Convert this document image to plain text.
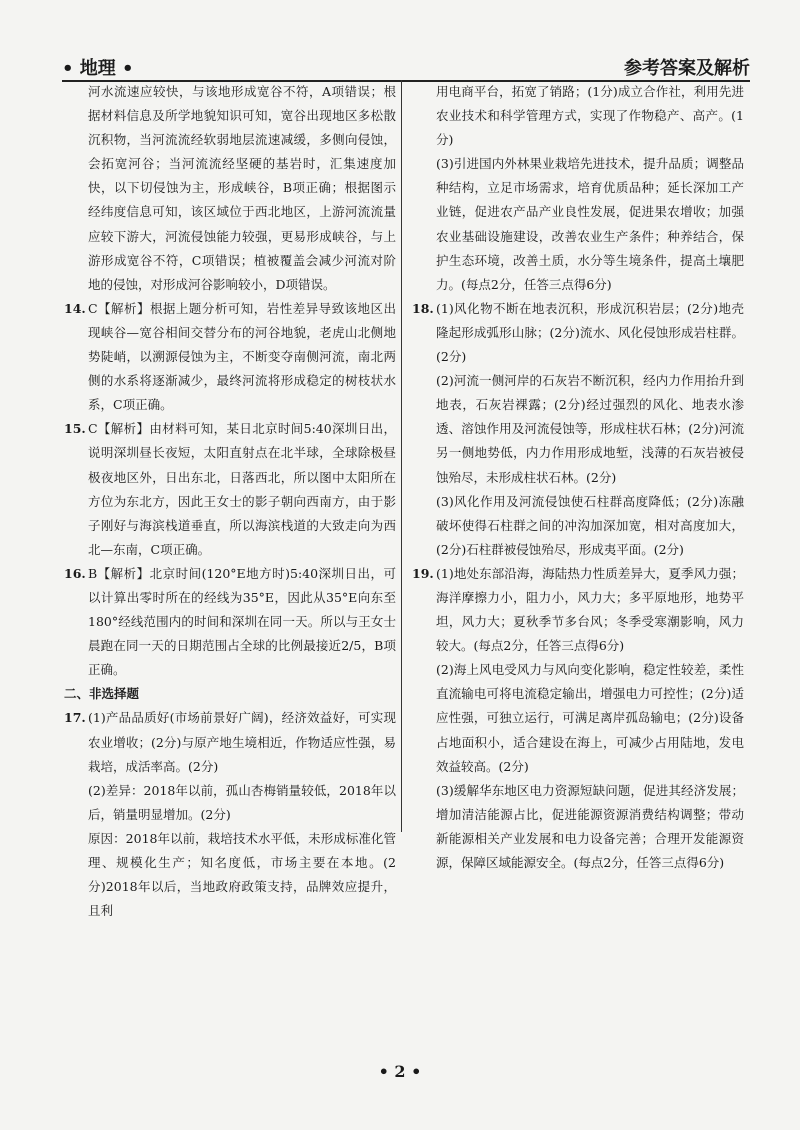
• 地理 •	参考答案及解析
河水流速应较快，与该地形成宽谷不符，A项错误；根据材料信息及所学地貌知识可知，宽谷出现地区多松散沉积物，当河流流经软弱地层流速减缓，多侧向侵蚀，会拓宽河谷；当河流流经坚硬的基岩时，汇集速度加快，以下切侵蚀为主，形成峡谷，B项正确；根据图示经纬度信息可知，该区域位于西北地区，上游河流流量应较下游大，河流侵蚀能力较强，更易形成峡谷，与上游形成宽谷不符，C项错误；植被覆盖会减少河流对阶地的侵蚀，对形成河谷影响较小，D项错误。
14. C【解析】根据上题分析可知，岩性差异导致该地区出现峡谷—宽谷相间交替分布的河谷地貌，老虎山北侧地势陡峭，以溯源侵蚀为主，不断变夺南侧河流，南北两侧的水系将逐渐减少，最终河流将形成稳定的树枝状水系，C项正确。
15. C【解析】由材料可知，某日北京时间5:40深圳日出，说明深圳昼长夜短，太阳直射点在北半球，全球除极昼极夜地区外，日出东北，日落西北，所以图中太阳所在方位为东北方，因此王女士的影子朝向西南方，由于影子刚好与海滨栈道垂直，所以海滨栈道的大致走向为西北—东南，C项正确。
16. B【解析】北京时间(120°E地方时)5:40深圳日出，可以计算出零时所在的经线为35°E，因此从35°E向东至180°经线范围内的时间和深圳在同一天。所以与王女士晨跑在同一天的日期范围占全球的比例最接近2/5，B项正确。
二、非选择题
17. (1)产品品质好(市场前景好广阔)，经济效益好，可实现农业增收；(2分)与原产地生境相近，作物适应性强，易栽培，成活率高。(2分)
(2)差异：2018年以前，孤山杏梅销量较低，2018年以后，销量明显增加。(2分)
原因：2018年以前，栽培技术水平低，未形成标准化管理、规模化生产；知名度低，市场主要在本地。(2分)2018年以后，当地政府政策支持，品牌效应提升，且利
用电商平台，拓宽了销路；(1分)成立合作社，利用先进农业技术和科学管理方式，实现了作物稳产、高产。(1分)
(3)引进国内外林果业栽培先进技术，提升品质；调整品种结构，立足市场需求，培育优质品种；延长深加工产业链，促进农产品产业良性发展，促进果农增收；加强农业基础设施建设，改善农业生产条件；种养结合，保护生态环境，改善土质，水分等生境条件，提高土壤肥力。(每点2分，任答三点得6分)
18. (1)风化物不断在地表沉积，形成沉积岩层；(2分)地壳隆起形成弧形山脉；(2分)流水、风化侵蚀形成岩柱群。(2分)
(2)河流一侧河岸的石灰岩不断沉积，经内力作用抬升到地表，石灰岩裸露；(2分)经过强烈的风化、地表水渗透、溶蚀作用及河流侵蚀等，形成柱状石林；(2分)河流另一侧地势低，内力作用形成地堑，浅薄的石灰岩被侵蚀殆尽，未形成柱状石林。(2分)
(3)风化作用及河流侵蚀使石柱群高度降低；(2分)冻融破坏使得石柱群之间的冲沟加深加宽，相对高度加大，(2分)石柱群被侵蚀殆尽，形成夷平面。(2分)
19. (1)地处东部沿海，海陆热力性质差异大，夏季风力强；海洋摩擦力小，阻力小，风力大；多平原地形，地势平坦，风力大；夏秋季节多台风；冬季受寒潮影响，风力较大。(每点2分，任答三点得6分)
(2)海上风电受风力与风向变化影响，稳定性较差，柔性直流输电可将电流稳定输出，增强电力可控性；(2分)适应性强，可独立运行，可满足离岸孤岛输电；(2分)设备占地面积小，适合建设在海上，可减少占用陆地，发电效益较高。(2分)
(3)缓解华东地区电力资源短缺问题，促进其经济发展；增加清洁能源占比，促进能源资源消费结构调整；带动新能源相关产业发展和电力设备完善；合理开发能源资源，保障区域能源安全。(每点2分，任答三点得6分)
• 2 •
